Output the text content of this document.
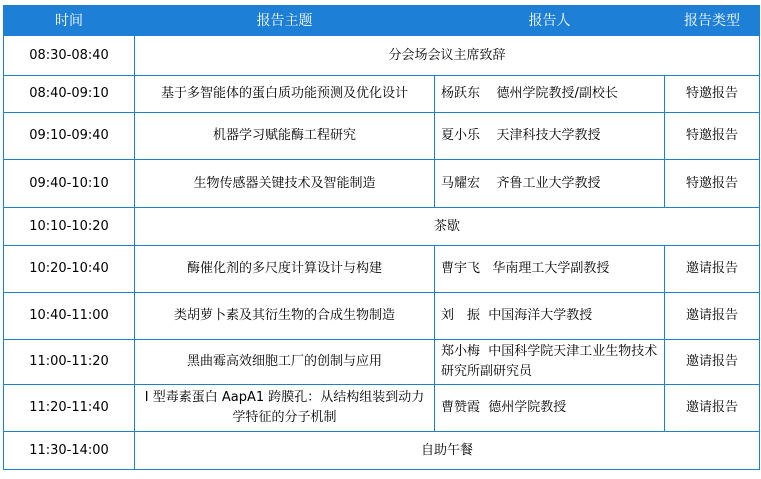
时间	报告主题	报告人	报告类型
08:30-08:40	分会场会议主席致辞		
08:40-09:10	基于多智能体的蛋白质功能预测及优化设计	杨跃东 德州学院教授/副校长	特邀报告
09:10-09:40	机器学习赋能酶工程研究	夏小乐 天津科技大学教授	特邀报告
09:40-10:10	生物传感器关键技术及智能制造	马耀宏 齐鲁工业大学教授	特邀报告
10:10-10:20	茶歇		
10:20-10:40	酶催化剂的多尺度计算设计与构建	曹宇飞 华南理工大学副教授	邀请报告
10:40-11:00	类胡萝卜素及其衍生物的合成生物制造	刘　振 中国海洋大学教授	邀请报告
11:00-11:20	黑曲霉高效细胞工厂的创制与应用	郑小梅 中国科学院天津工业生物技术研究所副研究员	邀请报告
11:20-11:40	I 型毒素蛋白 AapA1 跨膜孔：从结构组装到动力学特征的分子机制	曹赞霞 德州学院教授	邀请报告
11:30-14:00	自助午餐		
